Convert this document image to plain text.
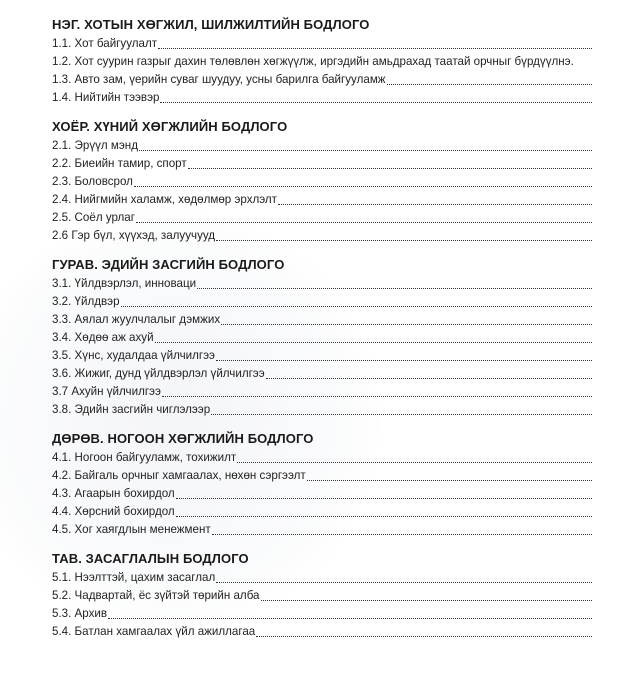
НЭГ. ХОТЫН ХӨГЖИЛ, ШИЛЖИЛТИЙН БОДЛОГО
1.1. Хот байгуулалт
1.2. Хот суурин газрыг дахин төлөвлөн хөгжүүлж, иргэдийн амьдрахад таатай орчныг бүрдүүлнэ.
1.3. Авто зам, үерийн суваг шуудуу, усны барилга байгууламж
1.4. Нийтийн тээвэр
ХОЁР. ХҮНИЙ ХӨГЖЛИЙН БОДЛОГО
2.1. Эрүүл мэнд
2.2. Биеийн тамир, спорт
2.3. Боловсрол
2.4. Нийгмийн халамж, хөдөлмөр эрхлэлт
2.5. Соёл урлаг
2.6 Гэр бүл, хүүхэд, залуучууд
ГУРАВ. ЭДИЙН ЗАСГИЙН БОДЛОГО
3.1. Үйлдвэрлэл, инноваци
3.2. Үйлдвэр
3.3. Аялал жуулчлалыг дэмжих
3.4. Хөдөө аж ахуй
3.5. Хүнс, худалдаа үйлчилгээ
3.6. Жижиг, дунд үйлдвэрлэл үйлчилгээ
3.7 Ахуйн үйлчилгээ
3.8. Эдийн засгийн чиглэлээр
ДӨРӨВ. НОГООН ХӨГЖЛИЙН БОДЛОГО
4.1. Ногоон байгууламж, тохижилт
4.2. Байгаль орчныг хамгаалах, нөхөн сэргээлт
4.3. Агаарын бохирдол
4.4. Хөрсний бохирдол
4.5. Хог хаягдлын менежмент
ТАВ. ЗАСАГЛАЛЫН БОДЛОГО
5.1. Нээлттэй, цахим засаглал
5.2. Чадвартай, ёс зүйтэй төрийн алба
5.3. Архив
5.4. Батлан хамгаалах үйл ажиллагаа
